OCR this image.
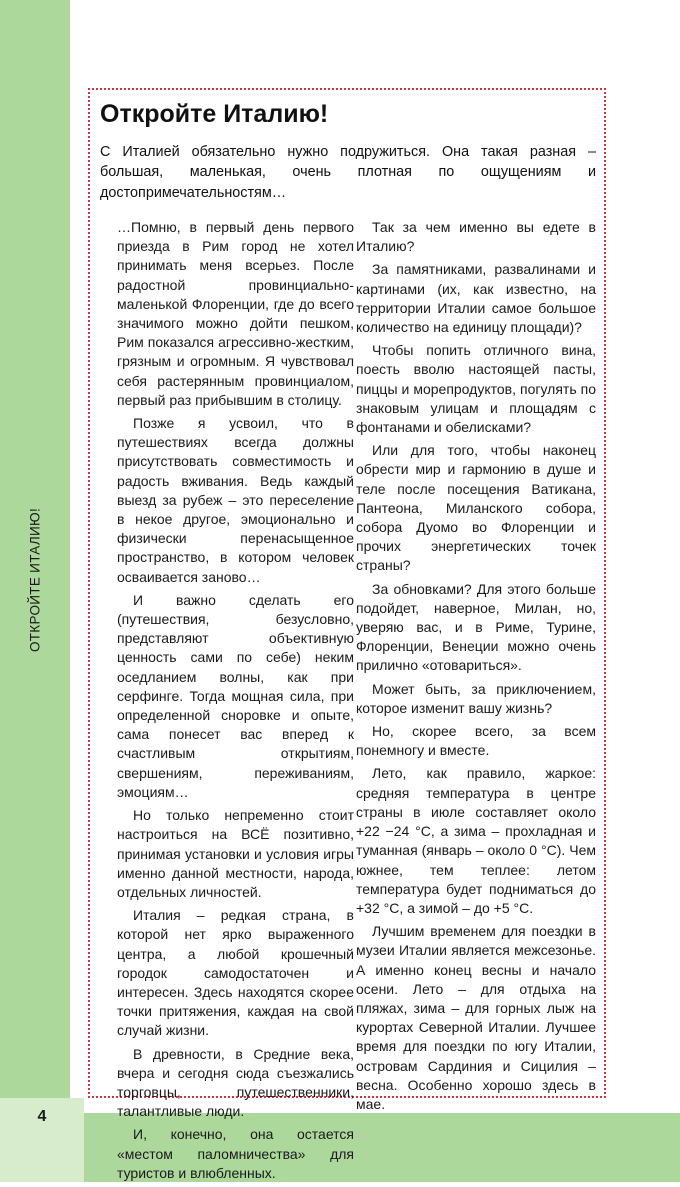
ОТКРОЙТЕ ИТАЛИЮ!
4
Откройте Италию!

С Италией обязательно нужно подружиться. Она такая разная – большая, маленькая, очень плотная по ощущениям и достопримечательностям…

…Помню, в первый день первого приезда в Рим город не хотел принимать меня всерьез. После радостной провинциально-маленькой Флоренции, где до всего значимого можно дойти пешком, Рим показался агрессивно-жестким, грязным и огромным. Я чувствовал себя растерянным провинциалом, первый раз прибывшим в столицу.

Позже я усвоил, что в путешествиях всегда должны присутствовать совместимость и радость вживания. Ведь каждый выезд за рубеж – это переселение в некое другое, эмоционально и физически перенасыщенное пространство, в котором человек осваивается заново…

И важно сделать его (путешествия, безусловно, представляют объективную ценность сами по себе) неким оседланием волны, как при серфинге. Тогда мощная сила, при определенной сноровке и опыте, сама понесет вас вперед к счастливым открытиям, свершениям, переживаниям, эмоциям…

Но только непременно стоит настроиться на ВСЁ позитивно, принимая установки и условия игры именно данной местности, народа, отдельных личностей.

Италия – редкая страна, в которой нет ярко выраженного центра, а любой крошечный городок самодостаточен и интересен. Здесь находятся скорее точки притяжения, каждая на свой случай жизни.

В древности, в Средние века, вчера и сегодня сюда съезжались торговцы, путешественники, талантливые люди.

И, конечно, она остается «местом паломничества» для туристов и влюбленных.

Так за чем именно вы едете в Италию?

За памятниками, развалинами и картинами (их, как известно, на территории Италии самое большое количество на единицу площади)?

Чтобы попить отличного вина, поесть вволю настоящей пасты, пиццы и морепродуктов, погулять по знаковым улицам и площадям с фонтанами и обелисками?

Или для того, чтобы наконец обрести мир и гармонию в душе и теле после посещения Ватикана, Пантеона, Миланского собора, собора Дуомо во Флоренции и прочих энергетических точек страны?

За обновками? Для этого больше подойдет, наверное, Милан, но, уверяю вас, и в Риме, Турине, Флоренции, Венеции можно очень прилично «отовариться».

Может быть, за приключением, которое изменит вашу жизнь?

Но, скорее всего, за всем понемногу и вместе.

Лето, как правило, жаркое: средняя температура в центре страны в июле составляет около +22 −24 °С, а зима – прохладная и туманная (январь – около 0 °С). Чем южнее, тем теплее: летом температура будет подниматься до +32 °С, а зимой – до +5 °С.

Лучшим временем для поездки в музеи Италии является межсезонье. А именно конец весны и начало осени. Лето – для отдыха на пляжах, зима – для горных лыж на курортах Северной Италии. Лучшее время для поездки по югу Италии, островам Сардиния и Сицилия – весна. Особенно хорошо здесь в мае.
